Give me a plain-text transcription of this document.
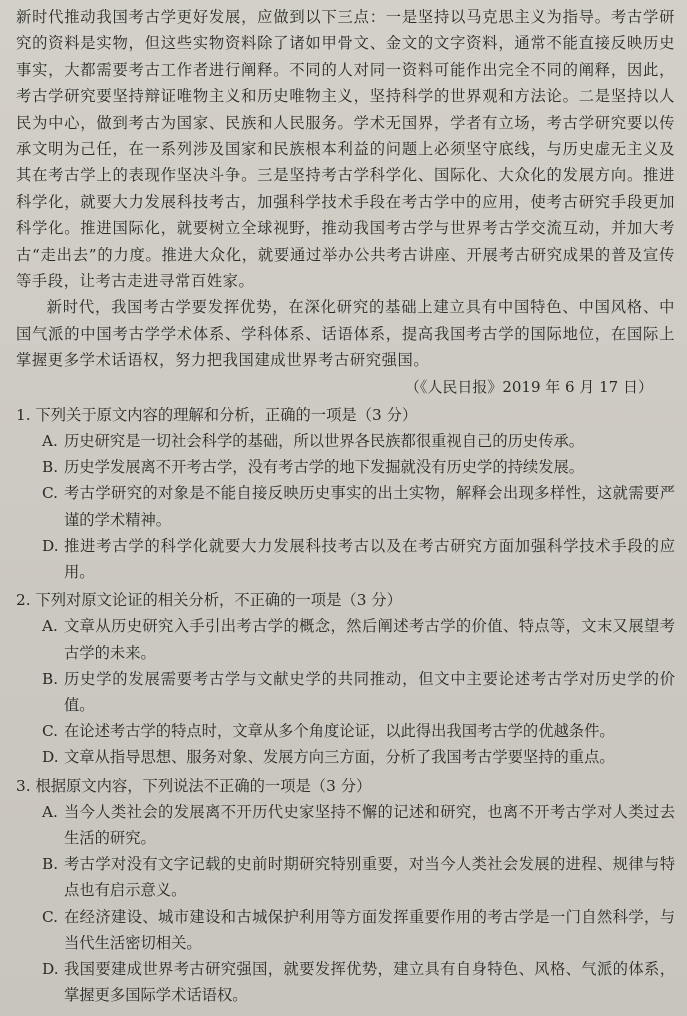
新时代推动我国考古学更好发展，应做到以下三点：一是坚持以马克思主义为指导。考古学研究的资料是实物，但这些实物资料除了诸如甲骨文、金文的文字资料，通常不能直接反映历史事实，大都需要考古工作者进行阐释。不同的人对同一资料可能作出完全不同的阐释，因此，考古学研究要坚持辩证唯物主义和历史唯物主义，坚持科学的世界观和方法论。二是坚持以人民为中心，做到考古为国家、民族和人民服务。学术无国界，学者有立场，考古学研究要以传承文明为己任，在一系列涉及国家和民族根本利益的问题上必须坚守底线，与历史虚无主义及其在考古学上的表现作坚决斗争。三是坚持考古学科学化、国际化、大众化的发展方向。推进科学化，就要大力发展科技考古，加强科学技术手段在考古学中的应用，使考古研究手段更加科学化。推进国际化，就要树立全球视野，推动我国考古学与世界考古学交流互动，并加大考古“走出去”的力度。推进大众化，就要通过举办公共考古讲座、开展考古研究成果的普及宣传等手段，让考古走进寻常百姓家。

新时代，我国考古学要发挥优势，在深化研究的基础上建立具有中国特色、中国风格、中国气派的中国考古学学术体系、学科体系、话语体系，提高我国考古学的国际地位，在国际上掌握更多学术话语权，努力把我国建成世界考古研究强国。

（《人民日报》2019 年 6 月 17 日）

1. 下列关于原文内容的理解和分析，正确的一项是（3 分）

A. 历史研究是一切社会科学的基础，所以世界各民族都很重视自己的历史传承。
B. 历史学发展离不开考古学，没有考古学的地下发掘就没有历史学的持续发展。
C. 考古学研究的对象是不能自接反映历史事实的出土实物，解释会出现多样性，这就需要严谨的学术精神。
D. 推进考古学的科学化就要大力发展科技考古以及在考古研究方面加强科学技术手段的应用。

2. 下列对原文论证的相关分析，不正确的一项是（3 分）

A. 文章从历史研究入手引出考古学的概念，然后阐述考古学的价值、特点等，文末又展望考古学的未来。
B. 历史学的发展需要考古学与文献史学的共同推动，但文中主要论述考古学对历史学的价值。
C. 在论述考古学的特点时，文章从多个角度论证，以此得出我国考古学的优越条件。
D. 文章从指导思想、服务对象、发展方向三方面，分析了我国考古学要坚持的重点。

3. 根据原文内容，下列说法不正确的一项是（3 分）

A. 当今人类社会的发展离不开历代史家坚持不懈的记述和研究，也离不开考古学对人类过去生活的研究。
B. 考古学对没有文字记载的史前时期研究特别重要，对当今人类社会发展的进程、规律与特点也有启示意义。
C. 在经济建设、城市建设和古城保护利用等方面发挥重要作用的考古学是一门自然科学，与当代生活密切相关。
D. 我国要建成世界考古研究强国，就要发挥优势，建立具有自身特色、风格、气派的体系，掌握更多国际学术话语权。
